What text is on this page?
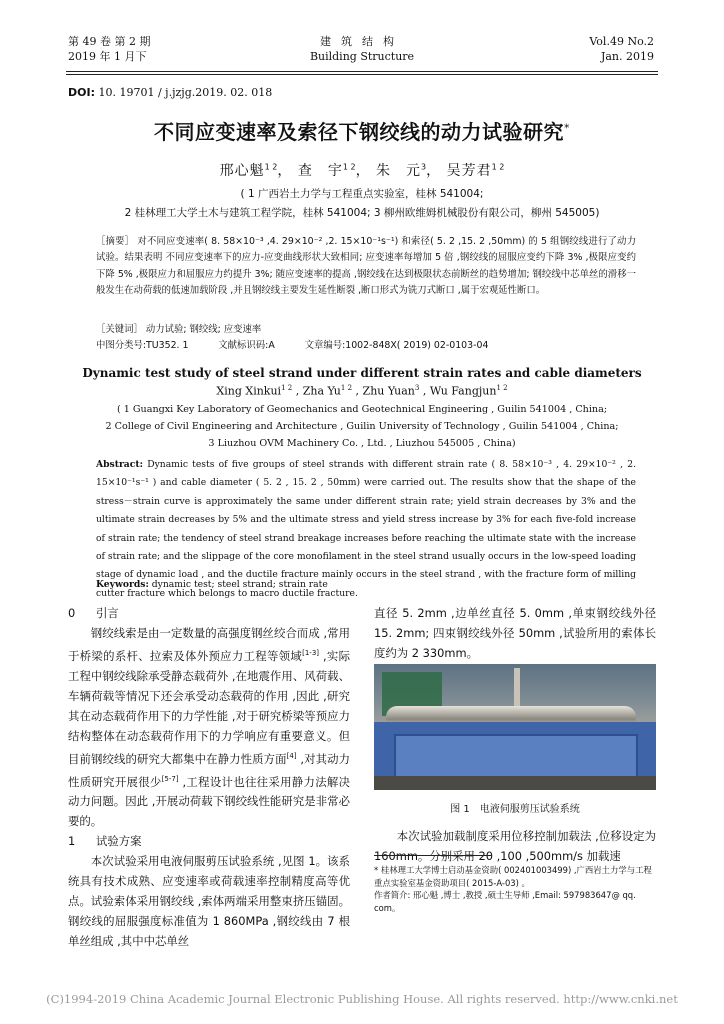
第 49 卷 第 2 期
2019 年 1 月下
建筑结构
Building Structure
Vol.49 No.2
Jan. 2019
DOI: 10. 19701 / j.jzjg.2019. 02. 018
不同应变速率及索径下钢绞线的动力试验研究*
邢心魁$^{1 2}$， 查　宇$^{1 2}$， 朱　元$^3$， 吴芳君$^{1 2}$
( 1 广西岩土力学与工程重点实验室，桂林 541004;
2 桂林理工大学土木与建筑工程学院，桂林 541004; 3 柳州欧维姆机械股份有限公司，柳州 545005)
［摘要］ 对不同应变速率( 8. 58×10⁻³ ,4. 29×10⁻² ,2. 15×10⁻¹s⁻¹) 和索径( 5. 2 ,15. 2 ,50mm) 的 5 组钢绞线进行了动力试验。结果表明 不同应变速率下的应力-应变曲线形状大致相同; 应变速率每增加 5 倍 ,钢绞线的屈服应变约下降 3% ,极限应变约下降 5% ,极限应力和屈服应力约提升 3%; 随应变速率的提高 ,钢绞线在达到极限状态前断丝的趋势增加; 钢绞线中芯单丝的滑移一般发生在动荷载的低速加载阶段 ,并且钢绞线主要发生延性断裂 ,断口形式为铣刀式断口 ,属于宏观延性断口。
［关键词］ 动力试验; 钢绞线; 应变速率
中图分类号:TU352. 1	文献标识码:A	文章编号:1002-848X( 2019) 02-0103-04
Dynamic test study of steel strand under different strain rates and cable diameters
Xing Xinkui$^{1 2}$ , Zha $Yu^{1 2}$ , Zhu Yuan$^3$ , Wu Fangjun$^{1 2}$
( 1 Guangxi Key Laboratory of Geomechanics and Geotechnical Engineering , Guilin 541004 , China;
2 College of Civil Engineering and Architecture , Guilin University of Technology , Guilin 541004 , China;
3 Liuzhou OVM Machinery Co. , Ltd. , Liuzhou 545005 , China)
Abstract: Dynamic tests of five groups of steel strands with different strain rate ( 8. 58×10⁻³ , 4. 29×10⁻² , 2. 15×10⁻¹s⁻¹ ) and cable diameter ( 5. 2 , 15. 2 , 50mm) were carried out. The results show that the shape of the stress－strain curve is approximately the same under different strain rate; yield strain decreases by 3% and the ultimate strain decreases by 5% and the ultimate stress and yield stress increase by 3% for each five-fold increase of strain rate; the tendency of steel strand breakage increases before reaching the ultimate state with the increase of strain rate; and the slippage of the core monofilament in the steel strand usually occurs in the low-speed loading stage of dynamic load , and the ductile fracture mainly occurs in the steel strand , with the fracture form of milling cutter fracture which belongs to macro ductile fracture.
Keywords: dynamic test; steel strand; strain rate

0 引言

钢绞线索是由一定数量的高强度钢丝绞合而成 ,常用于桥梁的系杆、拉索及体外预应力工程等领域[1-3] ,实际工程中钢绞线除承受静态载荷外 ,在地震作用、风荷载、车辆荷载等情况下还会承受动态载荷的作用 ,因此 ,研究其在动态载荷作用下的力学性能 ,对于研究桥梁等预应力结构整体在动态载荷作用下的力学响应有重要意义。但目前钢绞线的研究大都集中在静力性质方面[4] ,对其动力性质研究开展很少[5-7] ,工程设计也往往采用静力法解决动力问题。因此 ,开展动荷载下钢绞线性能研究是非常必要的。

1 试验方案

本次试验采用电液伺服剪压试验系统 ,见图 1。该系统具有技术成熟、应变速率或荷载速率控制精度高等优点。试验索体采用钢绞线 ,索体两端采用整束挤压锚固。钢绞线的屈服强度标准值为 1 860MPa ,钢绞线由 7 根单丝组成 ,其中中芯单丝

直径 5. 2mm ,边单丝直径 5. 0mm ,单束钢绞线外径 15. 2mm; 四束钢绞线外径 50mm ,试验所用的索体长度约为 2 330mm。

图 1　电液伺服剪压试验系统

本次试验加载制度采用位移控制加载法 ,位移设定为 160mm。分别采用 20 ,100 ,500mm/s 加载速

* 桂林理工大学博士启动基金资助( 002401003499) ,广西岩土力学与工程重点实验室基金资助项目( 2015-A-03) 。
作者简介: 邢心魁 ,博士 ,教授 ,硕士生导师 ,Email: 597983647@ qq. com。
(C)1994-2019 China Academic Journal Electronic Publishing House. All rights reserved. http://www.cnki.net
